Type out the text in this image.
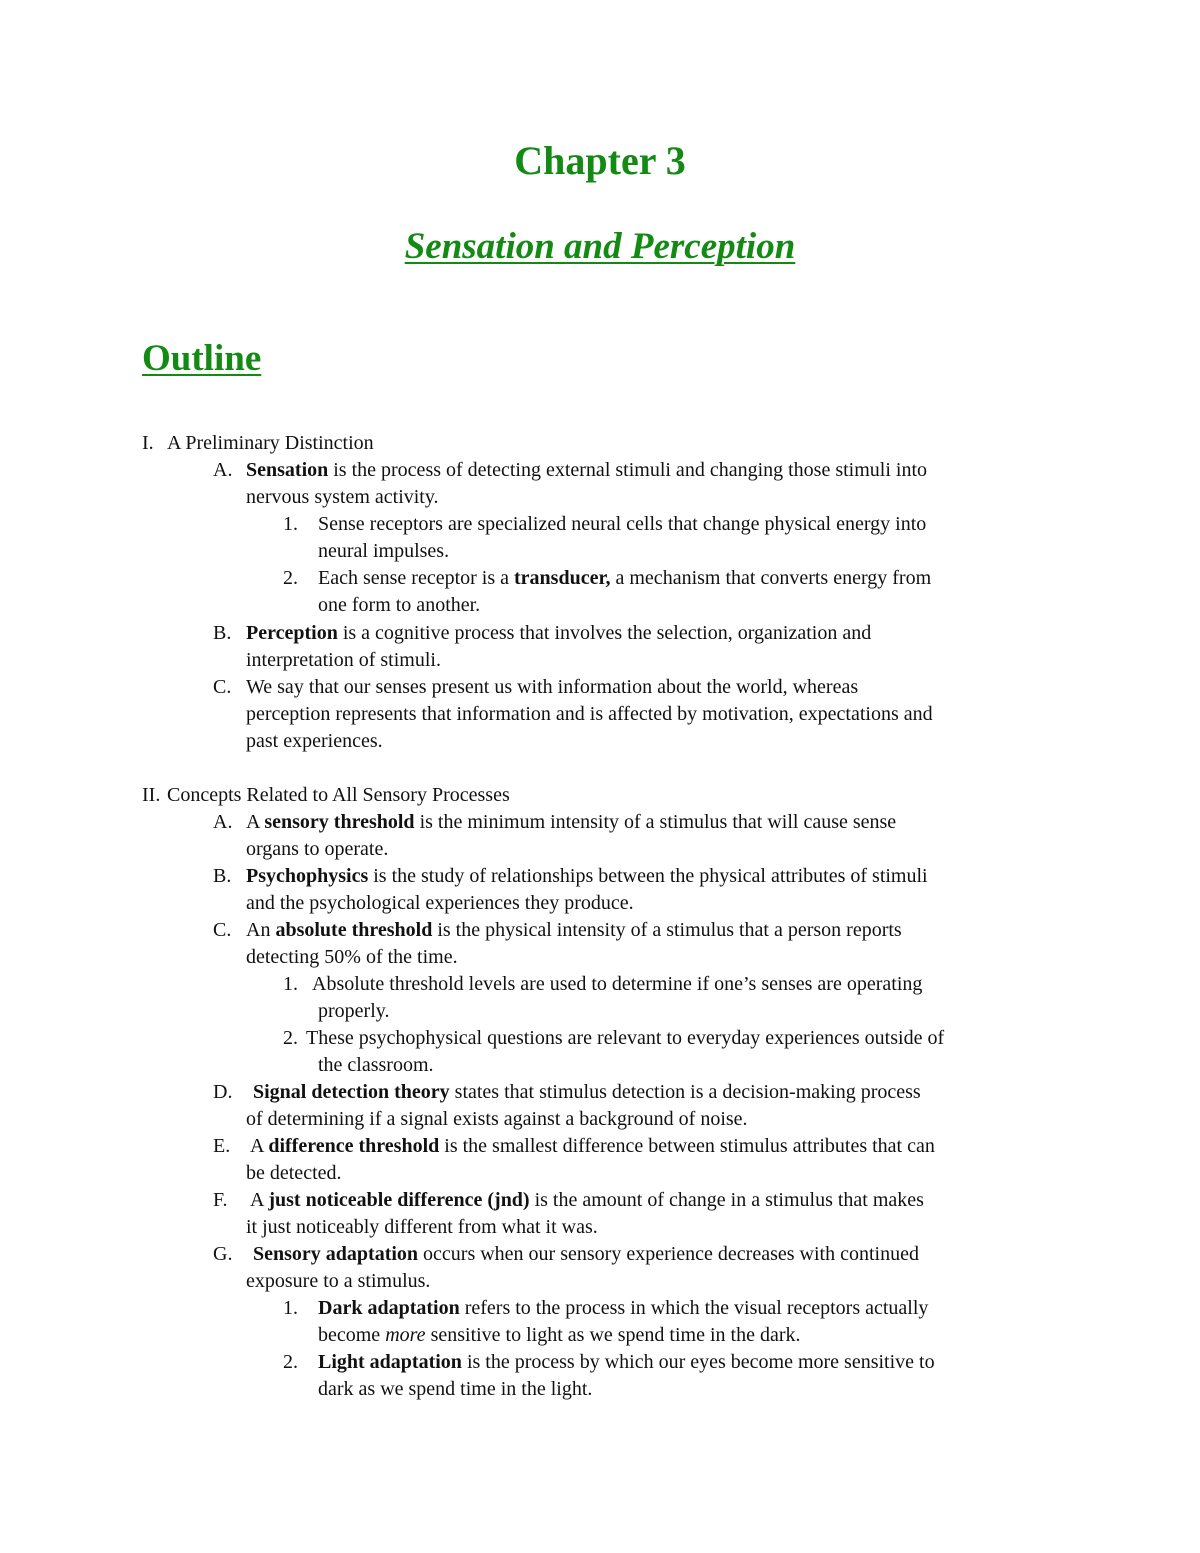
Chapter 3
Sensation and Perception
Outline
I. A Preliminary Distinction
A. Sensation is the process of detecting external stimuli and changing those stimuli into
nervous system activity.
1. Sense receptors are specialized neural cells that change physical energy into
neural impulses.
2. Each sense receptor is a transducer, a mechanism that converts energy from
one form to another.
B. Perception is a cognitive process that involves the selection, organization and
interpretation of stimuli.
C. We say that our senses present us with information about the world, whereas
perception represents that information and is affected by motivation, expectations and
past experiences.
II. Concepts Related to All Sensory Processes
A. A sensory threshold is the minimum intensity of a stimulus that will cause sense
organs to operate.
B. Psychophysics is the study of relationships between the physical attributes of stimuli
and the psychological experiences they produce.
C. An absolute threshold is the physical intensity of a stimulus that a person reports
detecting 50% of the time.
1. Absolute threshold levels are used to determine if one’s senses are operating
properly.
2. These psychophysical questions are relevant to everyday experiences outside of
the classroom.
D. Signal detection theory states that stimulus detection is a decision-making process
of determining if a signal exists against a background of noise.
E. A difference threshold is the smallest difference between stimulus attributes that can
be detected.
F. A just noticeable difference (jnd) is the amount of change in a stimulus that makes
it just noticeably different from what it was.
G. Sensory adaptation occurs when our sensory experience decreases with continued
exposure to a stimulus.
1. Dark adaptation refers to the process in which the visual receptors actually
become more sensitive to light as we spend time in the dark.
2. Light adaptation is the process by which our eyes become more sensitive to
dark as we spend time in the light.
